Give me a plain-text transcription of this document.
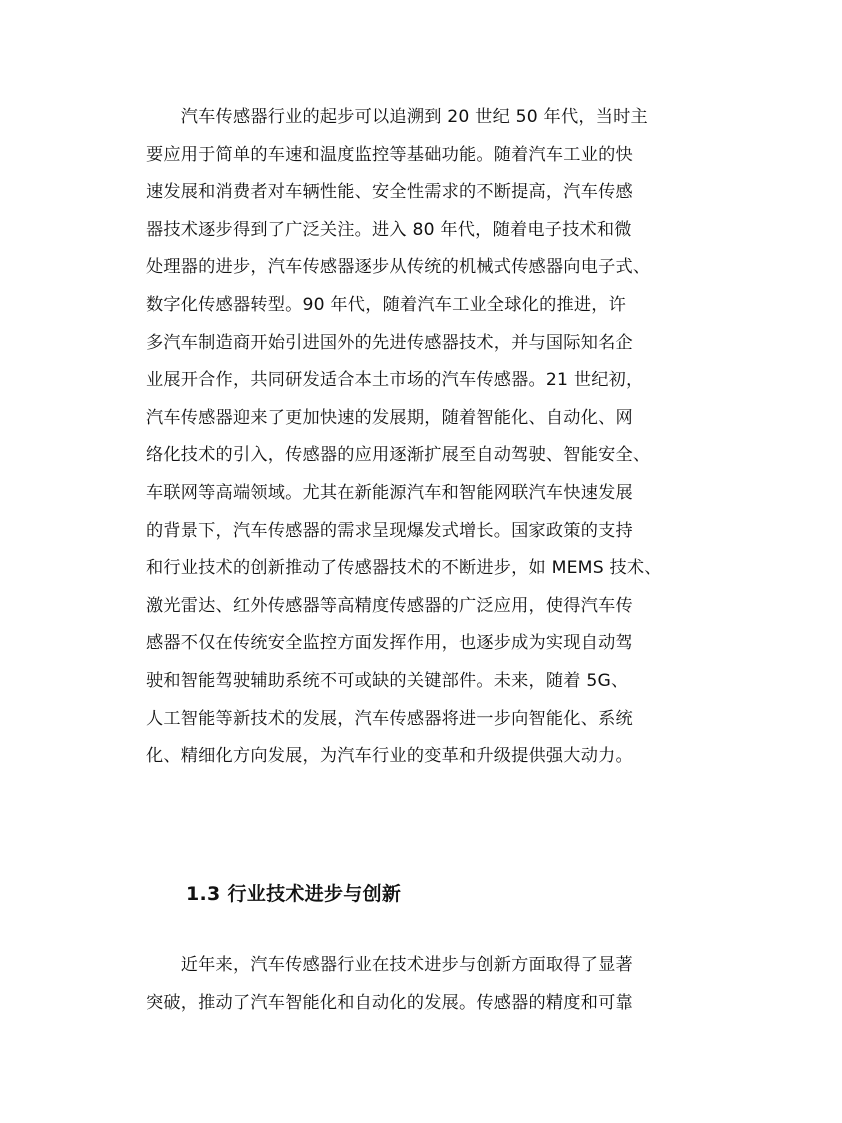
　　汽车传感器行业的起步可以追溯到 20 世纪 50 年代，当时主
要应用于简单的车速和温度监控等基础功能。随着汽车工业的快
速发展和消费者对车辆性能、安全性需求的不断提高，汽车传感
器技术逐步得到了广泛关注。进入 80 年代，随着电子技术和微
处理器的进步，汽车传感器逐步从传统的机械式传感器向电子式、
数字化传感器转型。90 年代，随着汽车工业全球化的推进，许
多汽车制造商开始引进国外的先进传感器技术，并与国际知名企
业展开合作，共同研发适合本土市场的汽车传感器。21 世纪初，
汽车传感器迎来了更加快速的发展期，随着智能化、自动化、网
络化技术的引入，传感器的应用逐渐扩展至自动驾驶、智能安全、
车联网等高端领域。尤其在新能源汽车和智能网联汽车快速发展
的背景下，汽车传感器的需求呈现爆发式增长。国家政策的支持
和行业技术的创新推动了传感器技术的不断进步，如 MEMS 技术、
激光雷达、红外传感器等高精度传感器的广泛应用，使得汽车传
感器不仅在传统安全监控方面发挥作用，也逐步成为实现自动驾
驶和智能驾驶辅助系统不可或缺的关键部件。未来，随着 5G、
人工智能等新技术的发展，汽车传感器将进一步向智能化、系统
化、精细化方向发展，为汽车行业的变革和升级提供强大动力。
1.3 行业技术进步与创新
　　近年来，汽车传感器行业在技术进步与创新方面取得了显著
突破，推动了汽车智能化和自动化的发展。传感器的精度和可靠
